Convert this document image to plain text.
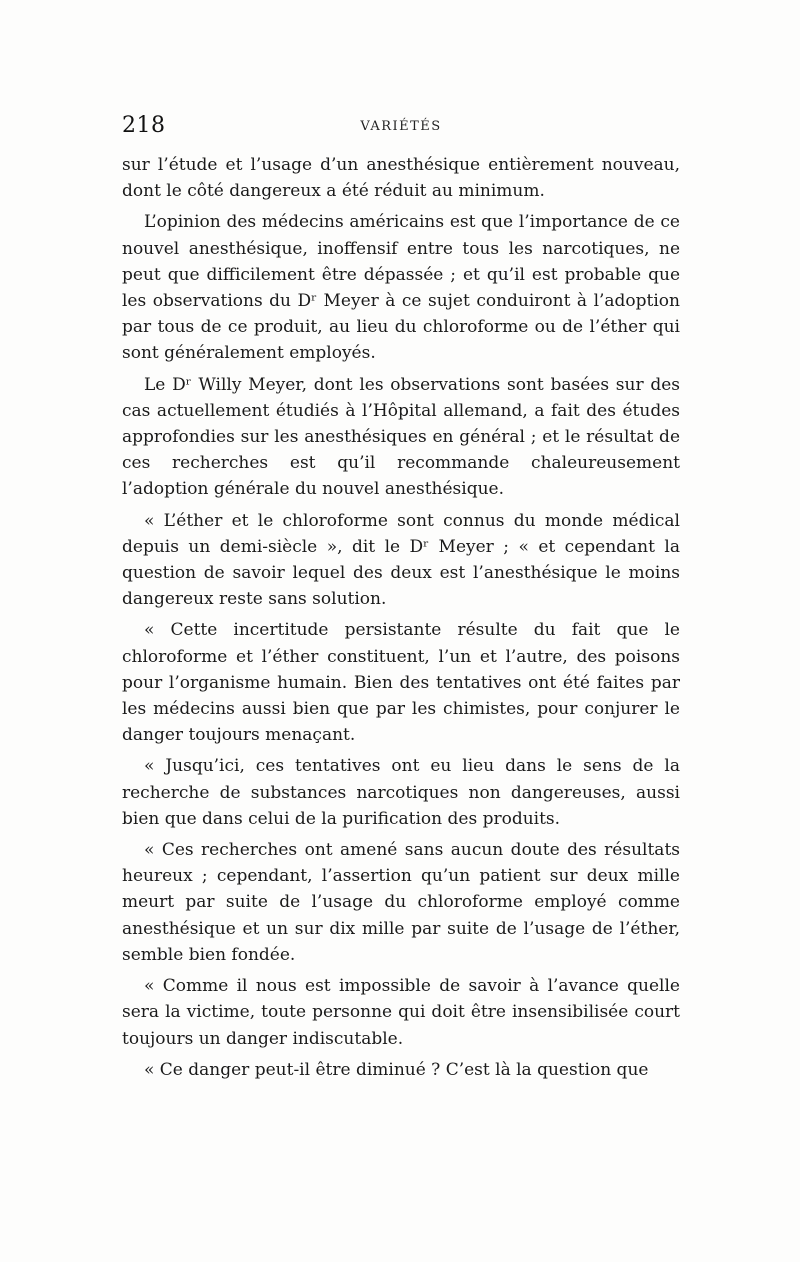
218	VARIÉTÉS

sur l’étude et l’usage d’un anesthésique entièrement nouveau, dont le côté dangereux a été réduit au minimum.

L’opinion des médecins américains est que l’importance de ce nouvel anesthésique, inoffensif entre tous les narcotiques, ne peut que difficilement être dépassée ; et qu’il est probable que les observations du Dʳ Meyer à ce sujet conduiront à l’adoption par tous de ce produit, au lieu du chloroforme ou de l’éther qui sont généralement employés.

Le Dʳ Willy Meyer, dont les observations sont basées sur des cas actuellement étudiés à l’Hôpital allemand, a fait des études approfondies sur les anesthésiques en général ; et le résultat de ces recherches est qu’il recommande chaleureusement l’adoption générale du nouvel anesthésique.

« L’éther et le chloroforme sont connus du monde médical depuis un demi-siècle », dit le Dʳ Meyer ; « et cependant la question de savoir lequel des deux est l’anesthésique le moins dangereux reste sans solution.

« Cette incertitude persistante résulte du fait que le chloroforme et l’éther constituent, l’un et l’autre, des poisons pour l’organisme humain. Bien des tentatives ont été faites par les médecins aussi bien que par les chimistes, pour conjurer le danger toujours menaçant.

« Jusqu’ici, ces tentatives ont eu lieu dans le sens de la recherche de substances narcotiques non dangereuses, aussi bien que dans celui de la purification des produits.

« Ces recherches ont amené sans aucun doute des résultats heureux ; cependant, l’assertion qu’un patient sur deux mille meurt par suite de l’usage du chloroforme employé comme anesthésique et un sur dix mille par suite de l’usage de l’éther, semble bien fondée.

« Comme il nous est impossible de savoir à l’avance quelle sera la victime, toute personne qui doit être insensibilisée court toujours un danger indiscutable.

« Ce danger peut-il être diminué ? C’est là la question que
